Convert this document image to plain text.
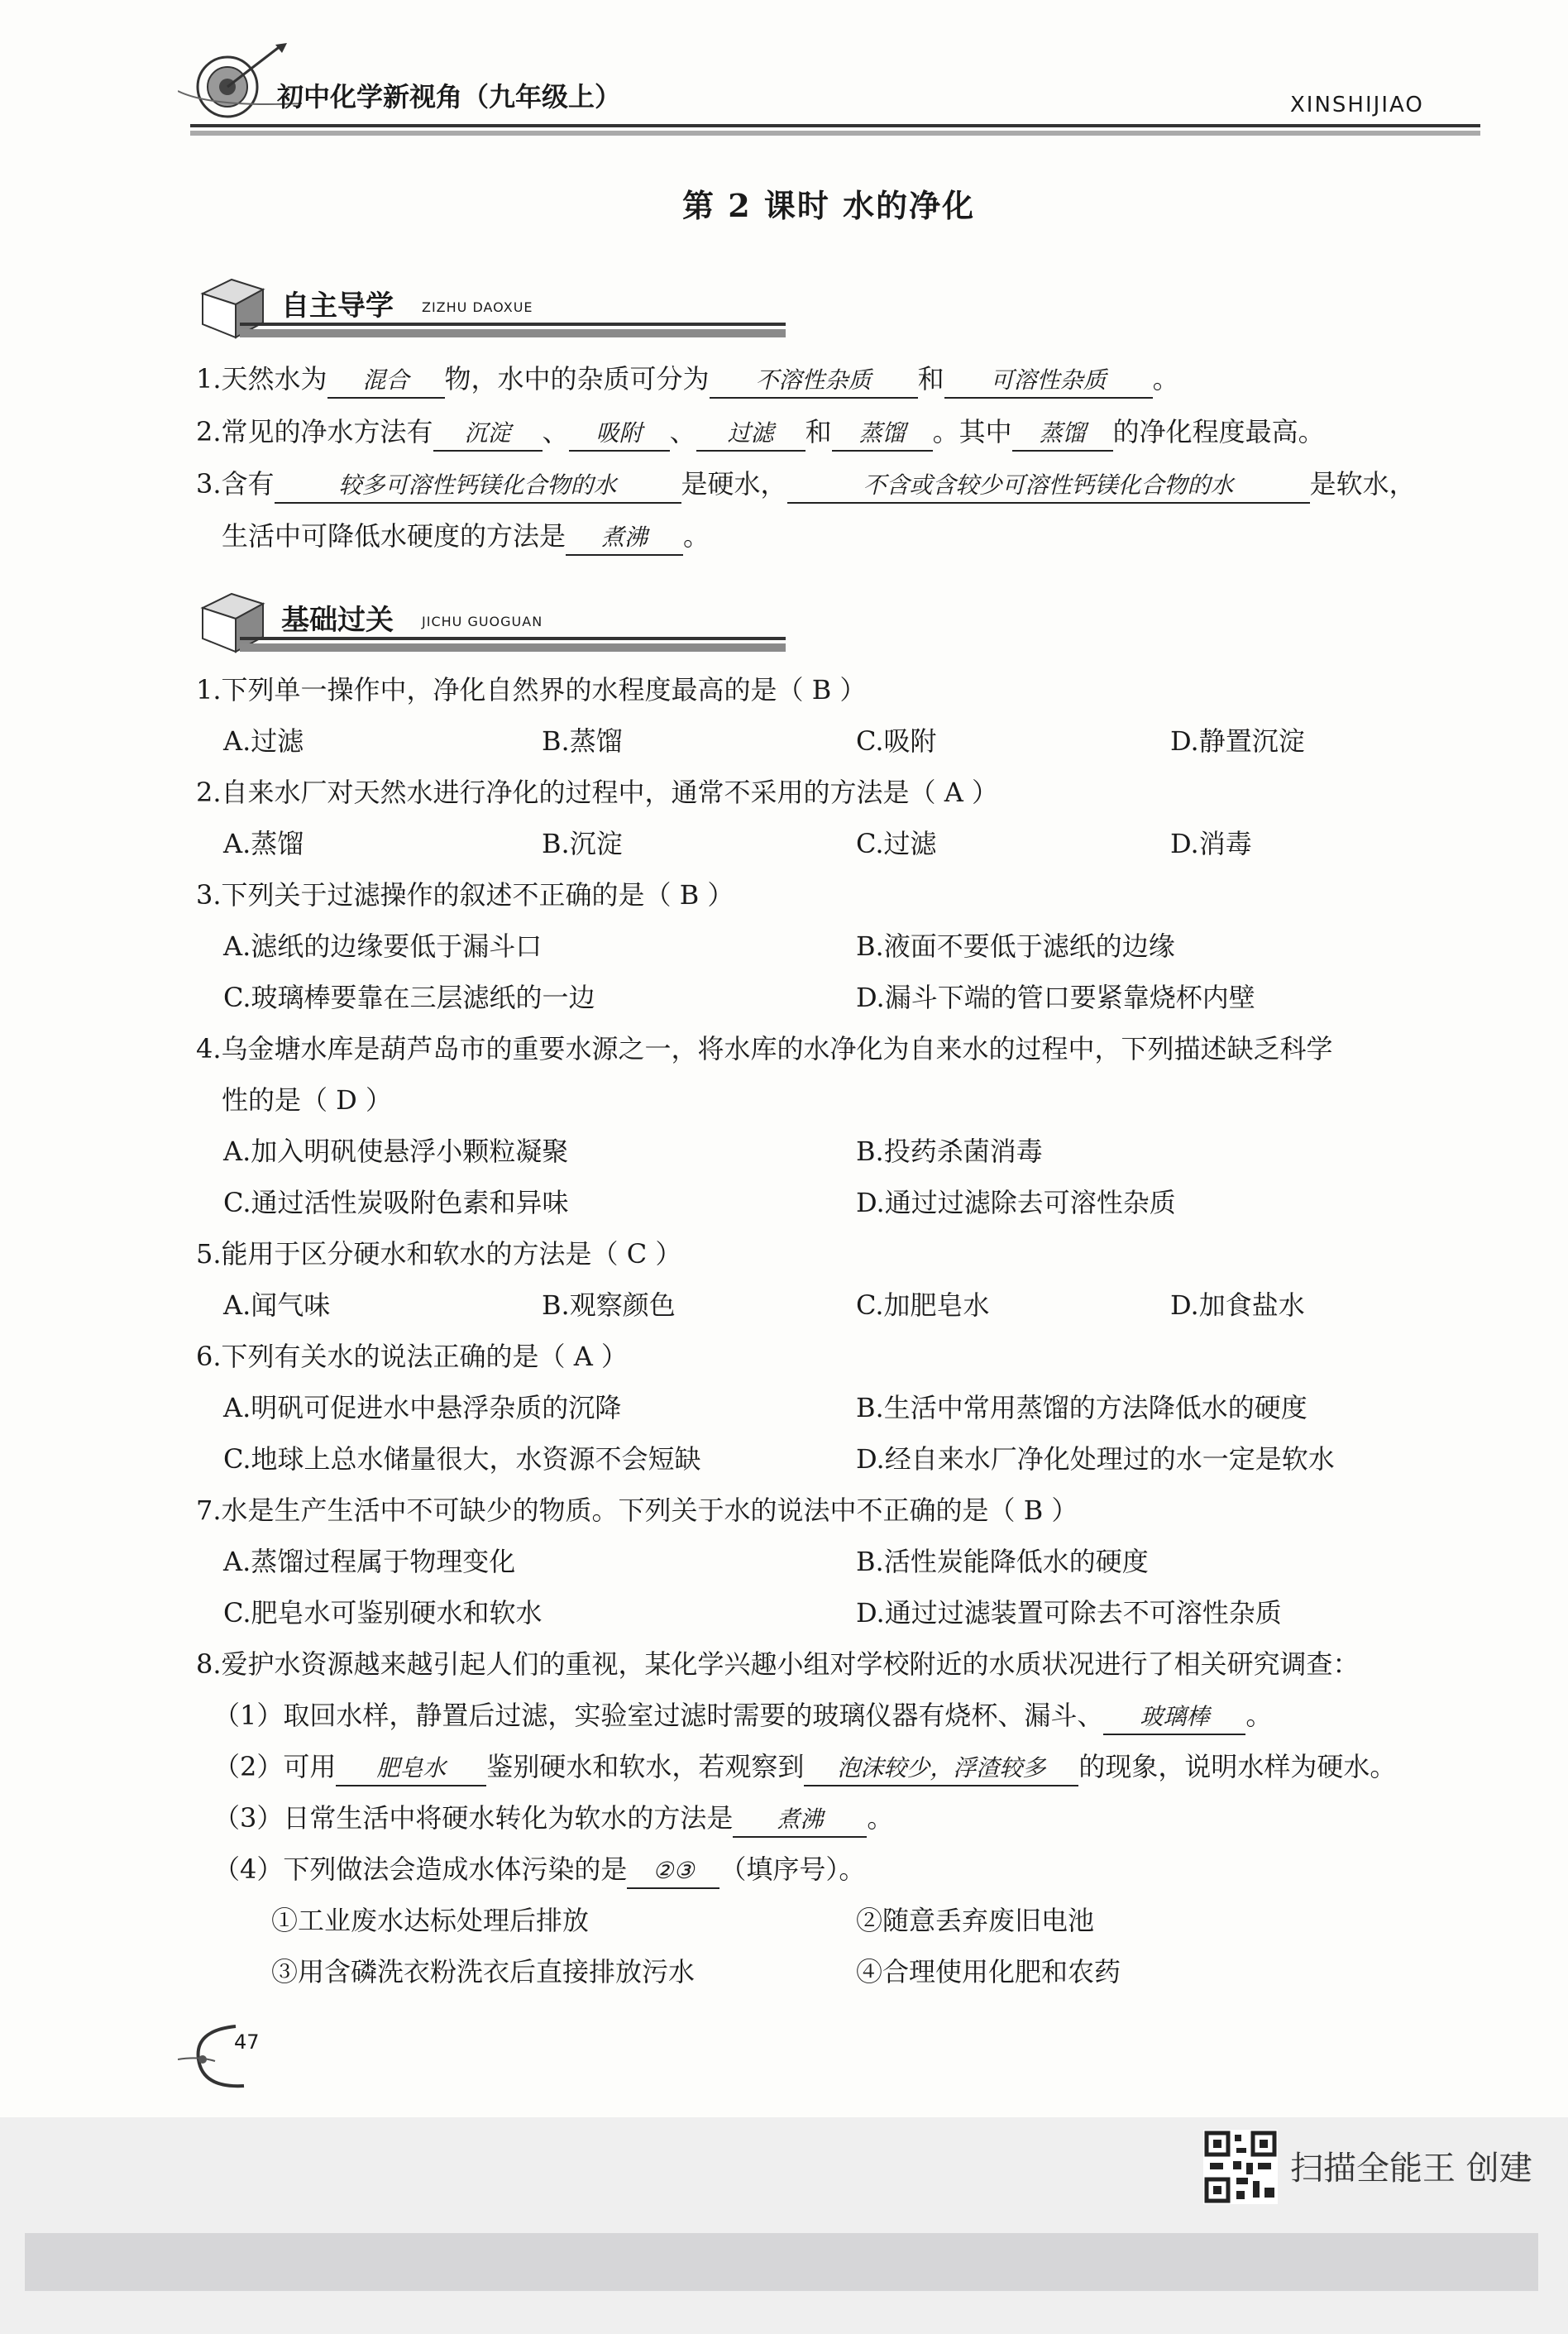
初中化学新视角（九年级上）	XINSHIJIAO
第 2 课时 水的净化
自主导学 ZIZHU DAOXUE
1.天然水为 混合 物，水中的杂质可分为 不溶性杂质 和 可溶性杂质 。
2.常见的净水方法有 沉淀 、 吸附 、 过滤 和 蒸馏 。其中 蒸馏 的净化程度最高。
3.含有	较多可溶性钙镁化合物的水 是硬水，	不含或含较少可溶性钙镁化合物的水	是软水，
生活中可降低水硬度的方法是 煮沸 。
基础过关 JICHU GUOGUAN
1.下列单一操作中，净化自然界的水程度最高的是（ B ）
A.过滤	B.蒸馏	C.吸附	D.静置沉淀
2.自来水厂对天然水进行净化的过程中，通常不采用的方法是（ A ）
A.蒸馏	B.沉淀	C.过滤	D.消毒
3.下列关于过滤操作的叙述不正确的是（ B ）
A.滤纸的边缘要低于漏斗口	B.液面不要低于滤纸的边缘
C.玻璃棒要靠在三层滤纸的一边	D.漏斗下端的管口要紧靠烧杯内壁
4.乌金塘水库是葫芦岛市的重要水源之一，将水库的水净化为自来水的过程中，下列描述缺乏科学
性的是（ D ）
A.加入明矾使悬浮小颗粒凝聚	B.投药杀菌消毒
C.通过活性炭吸附色素和异味	D.通过过滤除去可溶性杂质
5.能用于区分硬水和软水的方法是（ C ）
A.闻气味	B.观察颜色	C.加肥皂水	D.加食盐水
6.下列有关水的说法正确的是（ A ）
A.明矾可促进水中悬浮杂质的沉降	B.生活中常用蒸馏的方法降低水的硬度
C.地球上总水储量很大，水资源不会短缺	D.经自来水厂净化处理过的水一定是软水
7.水是生产生活中不可缺少的物质。下列关于水的说法中不正确的是（ B ）
A.蒸馏过程属于物理变化	B.活性炭能降低水的硬度
C.肥皂水可鉴别硬水和软水	D.通过过滤装置可除去不可溶性杂质
8.爱护水资源越来越引起人们的重视，某化学兴趣小组对学校附近的水质状况进行了相关研究调查：
（1）取回水样，静置后过滤，实验室过滤时需要的玻璃仪器有烧杯、漏斗、 玻璃棒 。
（2）可用 肥皂水 鉴别硬水和软水，若观察到 泡沫较少，浮渣较多 的现象，说明水样为硬水。
（3）日常生活中将硬水转化为软水的方法是 煮沸 。
（4）下列做法会造成水体污染的是 ②③ （填序号）。
①工业废水达标处理后排放	②随意丢弃废旧电池
③用含磷洗衣粉洗衣后直接排放污水	④合理使用化肥和农药
47
扫描全能王 创建
